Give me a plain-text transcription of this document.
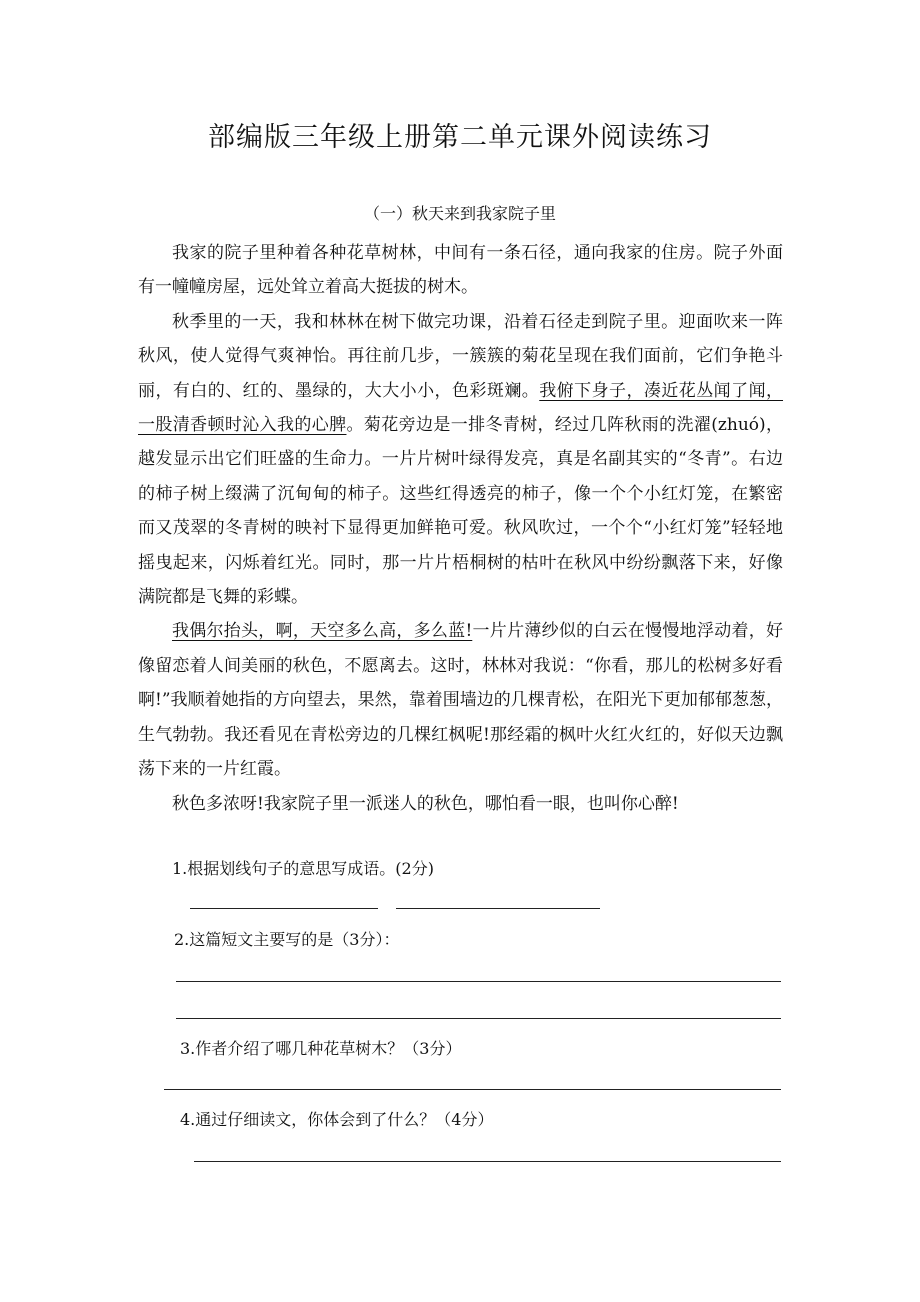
部编版三年级上册第二单元课外阅读练习
（一）秋天来到我家院子里

我家的院子里种着各种花草树林，中间有一条石径，通向我家的住房。院子外面有一幢幢房屋，远处耸立着高大挺拔的树木。

秋季里的一天，我和林林在树下做完功课，沿着石径走到院子里。迎面吹来一阵秋风，使人觉得气爽神怡。再往前几步，一簇簇的菊花呈现在我们面前，它们争艳斗丽，有白的、红的、墨绿的，大大小小，色彩斑斓。我俯下身子，凑近花丛闻了闻，一股清香顿时沁入我的心脾。菊花旁边是一排冬青树，经过几阵秋雨的洗濯(zhuó)，越发显示出它们旺盛的生命力。一片片树叶绿得发亮，真是名副其实的“冬青”。右边的柿子树上缀满了沉甸甸的柿子。这些红得透亮的柿子，像一个个小红灯笼，在繁密而又茂翠的冬青树的映衬下显得更加鲜艳可爱。秋风吹过，一个个“小红灯笼”轻轻地摇曳起来，闪烁着红光。同时，那一片片梧桐树的枯叶在秋风中纷纷飘落下来，好像满院都是飞舞的彩蝶。

我偶尔抬头，啊，天空多么高，多么蓝!一片片薄纱似的白云在慢慢地浮动着，好像留恋着人间美丽的秋色，不愿离去。这时，林林对我说：“你看，那儿的松树多好看啊!”我顺着她指的方向望去，果然，靠着围墙边的几棵青松，在阳光下更加郁郁葱葱，生气勃勃。我还看见在青松旁边的几棵红枫呢!那经霜的枫叶火红火红的，好似天边飘荡下来的一片红霞。

秋色多浓呀!我家院子里一派迷人的秋色，哪怕看一眼，也叫你心醉!

1.根据划线句子的意思写成语。(2分)
2.这篇短文主要写的是（3分）：
3.作者介绍了哪几种花草树木？（3分）
4.通过仔细读文，你体会到了什么？（4分）
